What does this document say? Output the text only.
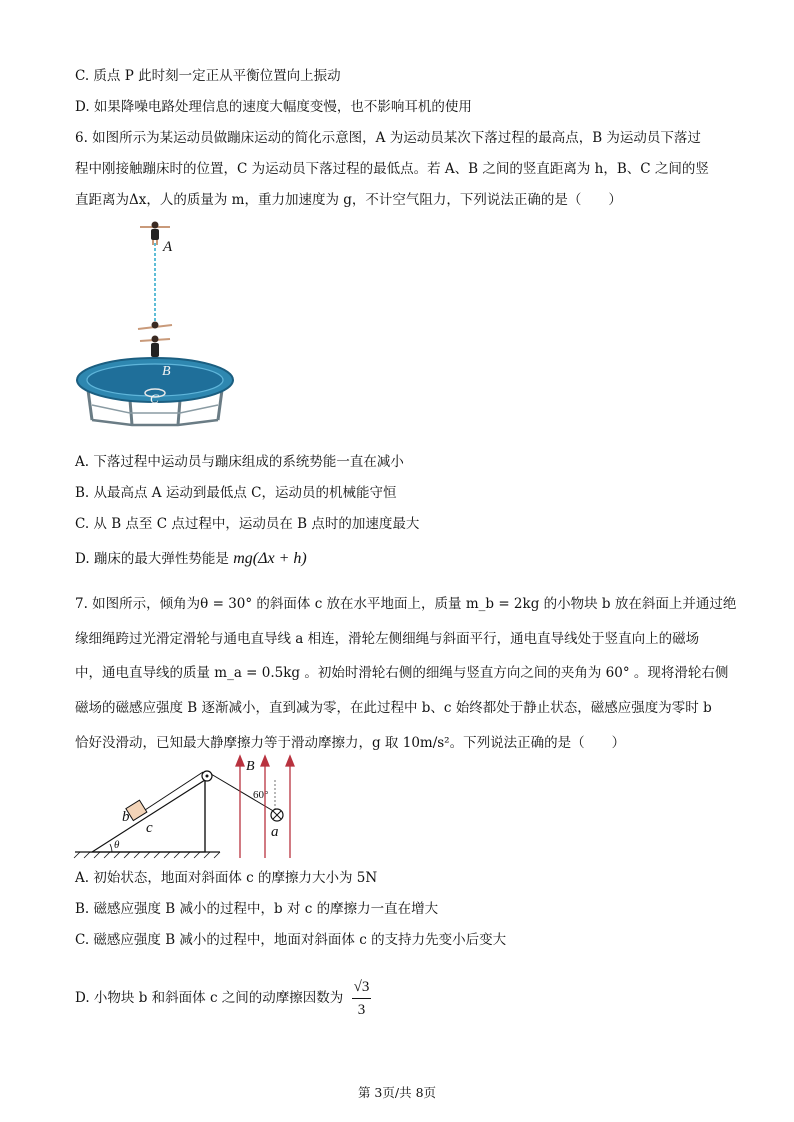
C. 质点 P 此时刻一定正从平衡位置向上振动
D. 如果降噪电路处理信息的速度大幅度变慢，也不影响耳机的使用
6. 如图所示为某运动员做蹦床运动的简化示意图，A 为运动员某次下落过程的最高点，B 为运动员下落过
程中刚接触蹦床时的位置，C 为运动员下落过程的最低点。若 A、B 之间的竖直距离为 h，B、C 之间的竖
直距离为Δx，人的质量为 m，重力加速度为 g，不计空气阻力，下列说法正确的是（　　）
A
B
C
A. 下落过程中运动员与蹦床组成的系统势能一直在减小
B. 从最高点 A 运动到最低点 C，运动员的机械能守恒
C. 从 B 点至 C 点过程中，运动员在 B 点时的加速度最大
D. 蹦床的最大弹性势能是 mg(Δx + h)
7. 如图所示，倾角为θ = 30° 的斜面体 c 放在水平地面上，质量 m_b = 2kg 的小物块 b 放在斜面上并通过绝
缘细绳跨过光滑定滑轮与通电直导线 a 相连，滑轮左侧细绳与斜面平行，通电直导线处于竖直向上的磁场
中，通电直导线的质量 m_a = 0.5kg 。初始时滑轮右侧的细绳与竖直方向之间的夹角为 60° 。现将滑轮右侧
磁场的磁感应强度 B 逐渐减小，直到减为零，在此过程中 b、c 始终都处于静止状态，磁感应强度为零时 b
恰好没滑动，已知最大静摩擦力等于滑动摩擦力，g 取 10m/s²。下列说法正确的是（　　）
θ
b
c
60°
B
a
A. 初始状态，地面对斜面体 c 的摩擦力大小为 5N
B. 磁感应强度 B 减小的过程中，b 对 c 的摩擦力一直在增大
C. 磁感应强度 B 减小的过程中，地面对斜面体 c 的支持力先变小后变大
D. 小物块 b 和斜面体 c 之间的动摩擦因数为 $\frac{√3}{3}$
第 3页/共 8页
